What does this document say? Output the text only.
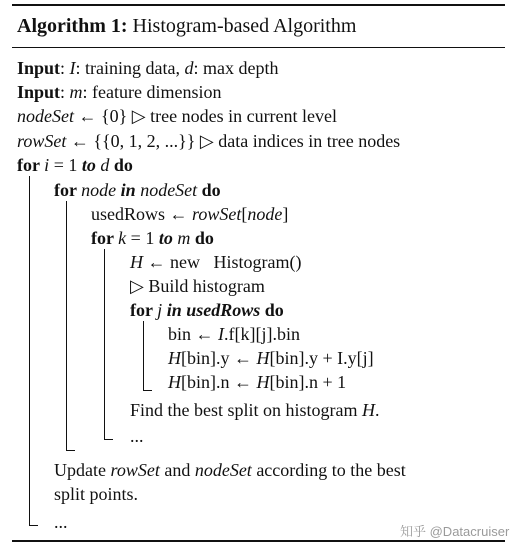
Algorithm 1: Histogram-based Algorithm
Input: I: training data, d: max depth
Input: m: feature dimension
nodeSet ← {0} ▷ tree nodes in current level
rowSet ← {{0, 1, 2, ...}} ▷ data indices in tree nodes
for i = 1 to d do
for node in nodeSet do
usedRows ← rowSet[node]
for k = 1 to m do
H ← new   Histogram()
▷ Build histogram
for j in usedRows do
bin ← I.f[k][j].bin
H[bin].y ← H[bin].y + I.y[j]
H[bin].n ← H[bin].n + 1
Find the best split on histogram H.
...
Update rowSet and nodeSet according to the best
split points.
...	知乎 @Datacruiser
